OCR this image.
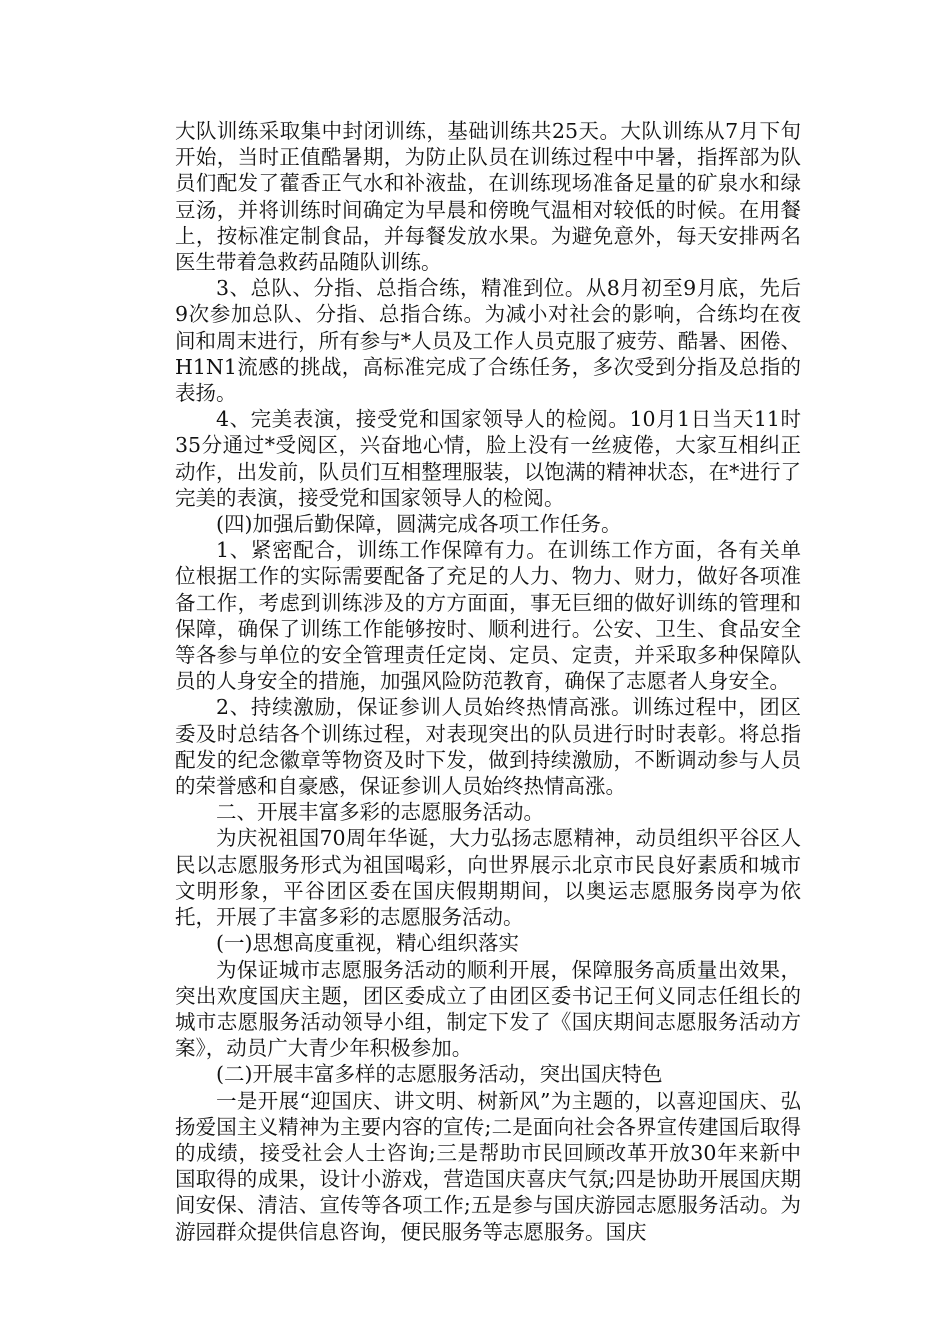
大队训练采取集中封闭训练，基础训练共25天。大队训练从7月下旬开始，当时正值酷暑期，为防止队员在训练过程中中暑，指挥部为队员们配发了藿香正气水和补液盐，在训练现场准备足量的矿泉水和绿豆汤，并将训练时间确定为早晨和傍晚气温相对较低的时候。在用餐上，按标准定制食品，并每餐发放水果。为避免意外，每天安排两名医生带着急救药品随队训练。

3、总队、分指、总指合练，精准到位。从8月初至9月底，先后9次参加总队、分指、总指合练。为减小对社会的影响，合练均在夜间和周末进行，所有参与*人员及工作人员克服了疲劳、酷暑、困倦、H1N1流感的挑战，高标准完成了合练任务，多次受到分指及总指的表扬。

4、完美表演，接受党和国家领导人的检阅。10月1日当天11时35分通过*受阅区，兴奋地心情，脸上没有一丝疲倦，大家互相纠正动作，出发前，队员们互相整理服装，以饱满的精神状态，在*进行了完美的表演，接受党和国家领导人的检阅。

(四)加强后勤保障，圆满完成各项工作任务。

1、紧密配合，训练工作保障有力。在训练工作方面，各有关单位根据工作的实际需要配备了充足的人力、物力、财力，做好各项准备工作，考虑到训练涉及的方方面面，事无巨细的做好训练的管理和保障，确保了训练工作能够按时、顺利进行。公安、卫生、食品安全等各参与单位的安全管理责任定岗、定员、定责，并采取多种保障队员的人身安全的措施，加强风险防范教育，确保了志愿者人身安全。

2、持续激励，保证参训人员始终热情高涨。训练过程中，团区委及时总结各个训练过程，对表现突出的队员进行时时表彰。将总指配发的纪念徽章等物资及时下发，做到持续激励，不断调动参与人员的荣誉感和自豪感，保证参训人员始终热情高涨。

二、开展丰富多彩的志愿服务活动。

为庆祝祖国70周年华诞，大力弘扬志愿精神，动员组织平谷区人民以志愿服务形式为祖国喝彩，向世界展示北京市民良好素质和城市文明形象，平谷团区委在国庆假期期间，以奥运志愿服务岗亭为依托，开展了丰富多彩的志愿服务活动。

(一)思想高度重视，精心组织落实

为保证城市志愿服务活动的顺利开展，保障服务高质量出效果，突出欢度国庆主题，团区委成立了由团区委书记王何义同志任组长的城市志愿服务活动领导小组，制定下发了《国庆期间志愿服务活动方案》，动员广大青少年积极参加。

(二)开展丰富多样的志愿服务活动，突出国庆特色

一是开展“迎国庆、讲文明、树新风”为主题的，以喜迎国庆、弘扬爱国主义精神为主要内容的宣传;二是面向社会各界宣传建国后取得的成绩，接受社会人士咨询;三是帮助市民回顾改革开放30年来新中国取得的成果，设计小游戏，营造国庆喜庆气氛;四是协助开展国庆期间安保、清洁、宣传等各项工作;五是参与国庆游园志愿服务活动。为游园群众提供信息咨询，便民服务等志愿服务。国庆
